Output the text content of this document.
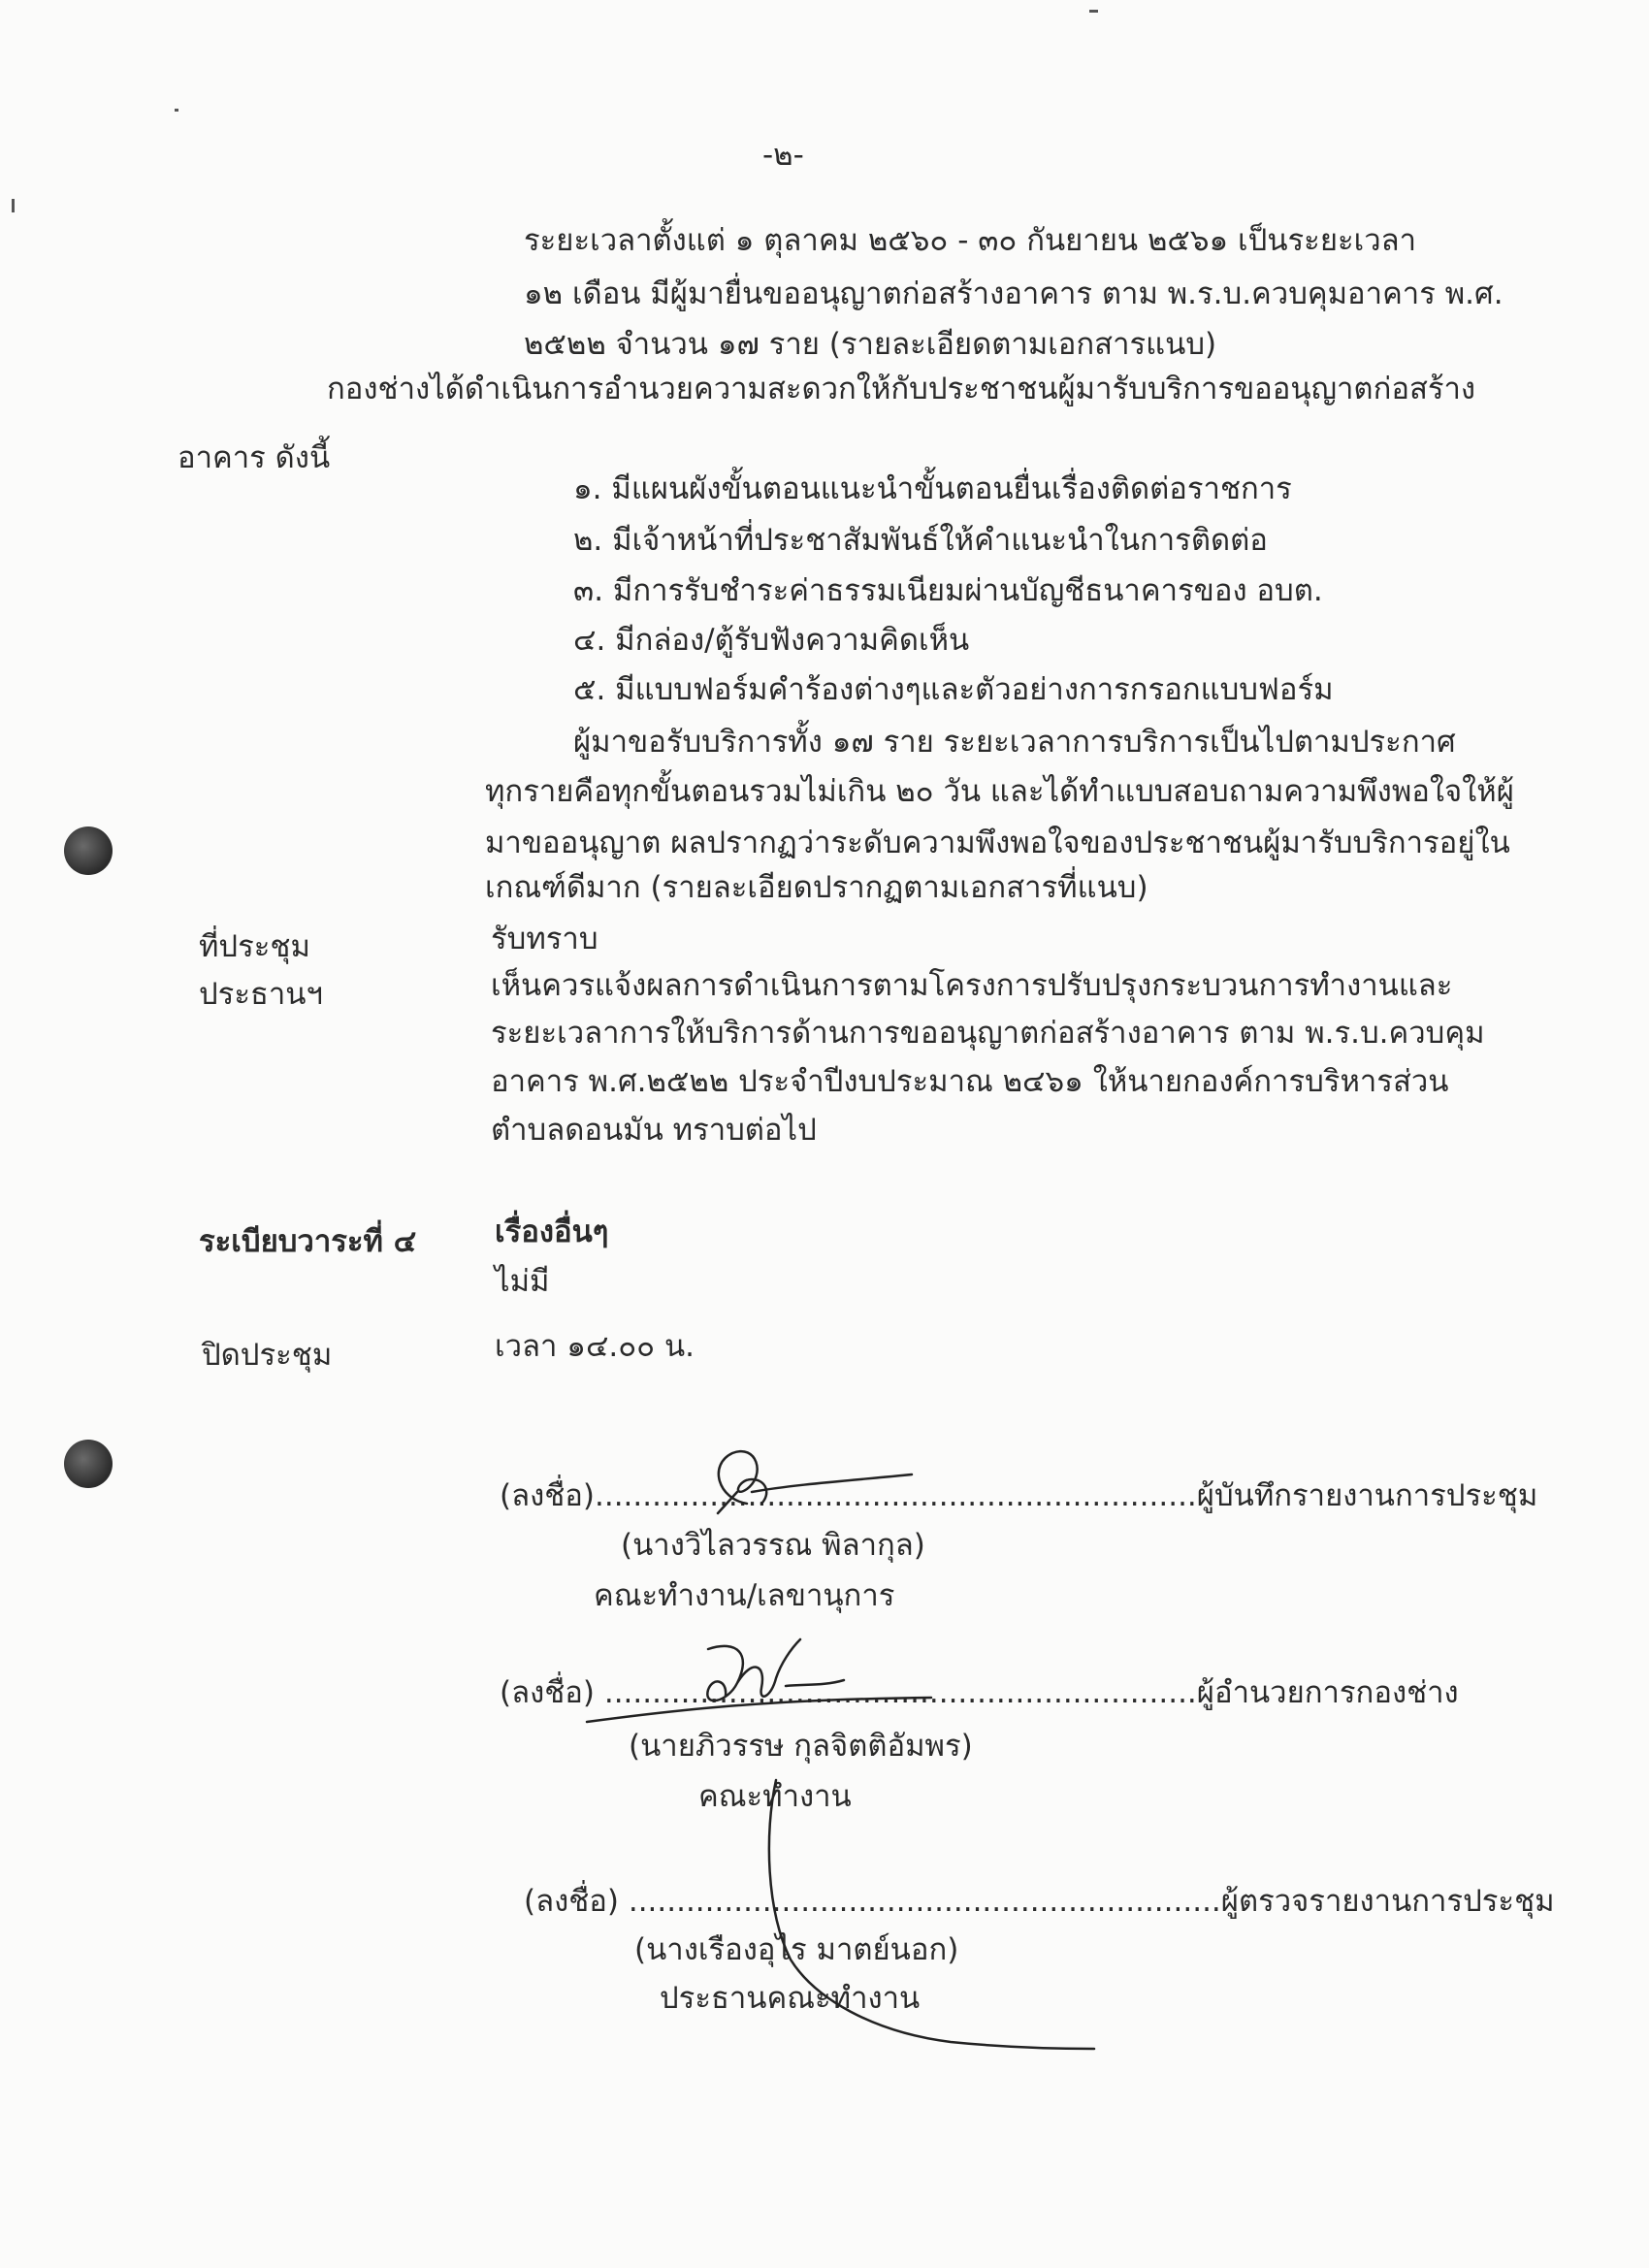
-๒-
ระยะเวลาตั้งแต่ ๑ ตุลาคม ๒๕๖๐ - ๓๐ กันยายน ๒๕๖๑ เป็นระยะเวลา
๑๒ เดือน มีผู้มายื่นขออนุญาตก่อสร้างอาคาร ตาม พ.ร.บ.ควบคุมอาคาร พ.ศ.
๒๕๒๒ จำนวน ๑๗ ราย (รายละเอียดตามเอกสารแนบ)
กองช่างได้ดำเนินการอำนวยความสะดวกให้กับประชาชนผู้มารับบริการขออนุญาตก่อสร้าง
อาคาร ดังนี้
๑. มีแผนผังขั้นตอนแนะนำขั้นตอนยื่นเรื่องติดต่อราชการ
๒. มีเจ้าหน้าที่ประชาสัมพันธ์ให้คำแนะนำในการติดต่อ
๓. มีการรับชำระค่าธรรมเนียมผ่านบัญชีธนาคารของ อบต.
๔. มีกล่อง/ตู้รับฟังความคิดเห็น
๕. มีแบบฟอร์มคำร้องต่างๆและตัวอย่างการกรอกแบบฟอร์ม
ผู้มาขอรับบริการทั้ง ๑๗ ราย ระยะเวลาการบริการเป็นไปตามประกาศ
ทุกรายคือทุกขั้นตอนรวมไม่เกิน ๒๐ วัน และได้ทำแบบสอบถามความพึงพอใจให้ผู้
มาขออนุญาต ผลปรากฏว่าระดับความพึงพอใจของประชาชนผู้มารับบริการอยู่ใน
เกณฑ์ดีมาก (รายละเอียดปรากฏตามเอกสารที่แนบ)
ที่ประชุม	รับทราบ
ประธานฯ	เห็นควรแจ้งผลการดำเนินการตามโครงการปรับปรุงกระบวนการทำงานและ
ระยะเวลาการให้บริการด้านการขออนุญาตก่อสร้างอาคาร ตาม พ.ร.บ.ควบคุม
อาคาร พ.ศ.๒๕๒๒ ประจำปีงบประมาณ ๒๔๖๑ ให้นายกองค์การบริหารส่วน
ตำบลดอนมัน ทราบต่อไป
ระเบียบวาระที่ ๔	เรื่องอื่นๆ
ไม่มี
ปิดประชุม	เวลา ๑๔.๐๐ น.
(ลงชื่อ)...............................................................ผู้บันทึกรายงานการประชุม
(นางวิไลวรรณ พิลากุล)
คณะทำงาน/เลขานุการ
(ลงชื่อ) ..............................................................ผู้อำนวยการกองช่าง
(นายภิวรรษ กุลจิตติอัมพร)
คณะทำงาน
(ลงชื่อ) ..............................................................ผู้ตรวจรายงานการประชุม
(นางเรืองอุไร มาตย์นอก)
ประธานคณะทำงาน
